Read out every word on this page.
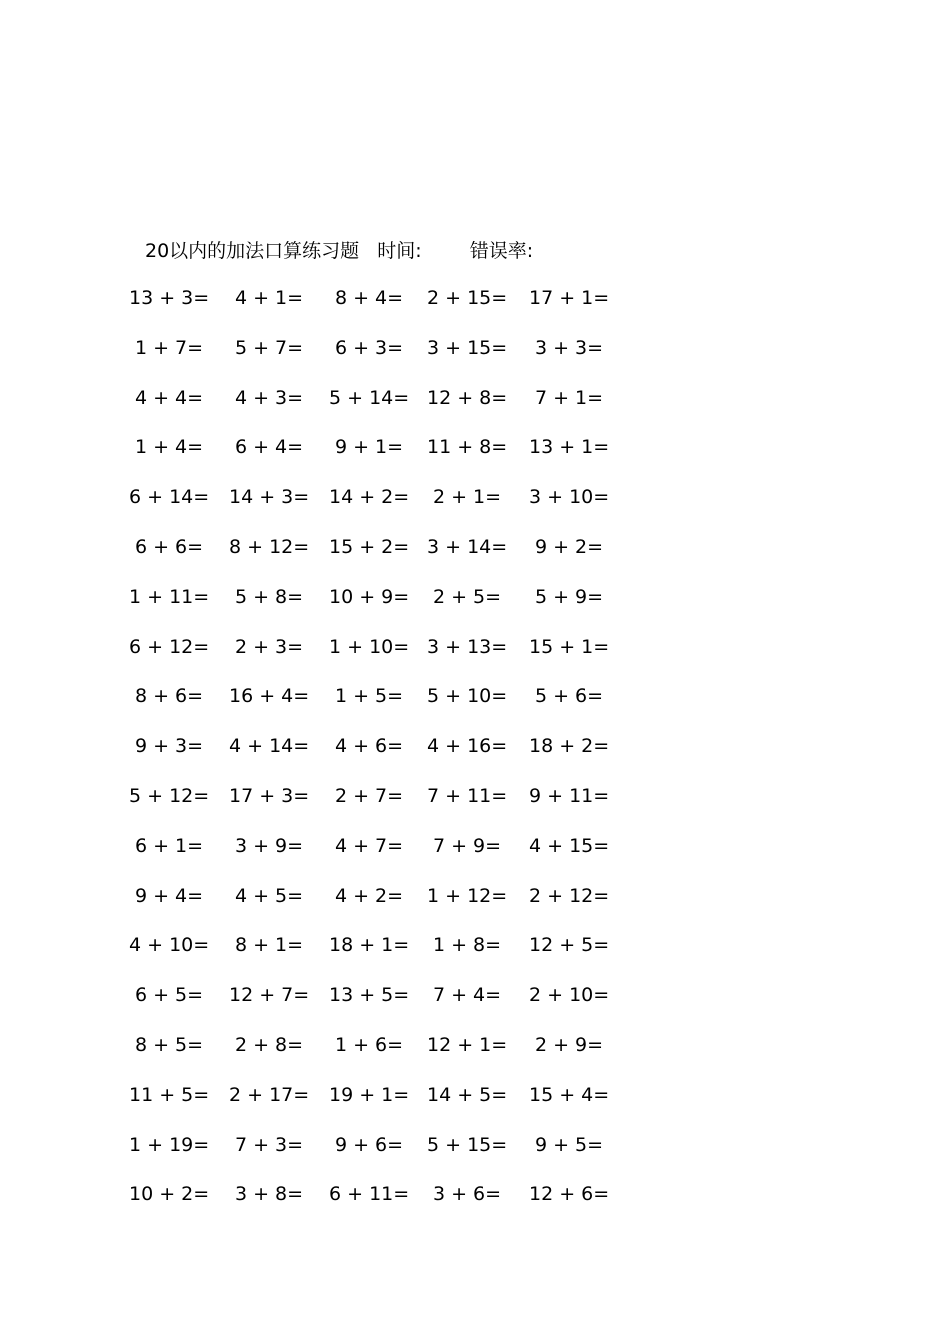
20以内的加法口算练习题 时间:	错误率:
13 + 3=	4 + 1=	8 + 4=	2 + 15= 17 + 1=
1 + 7=	5 + 7=	6 + 3=	3 + 15=	3 + 3=
4 + 4=	4 + 3=	5 + 14= 12 + 8=	7 + 1=
1 + 4=	6 + 4=	9 + 1=	11 + 8= 13 + 1=
6 + 14= 14 + 3= 14 + 2=	2 + 1=	3 + 10=
6 + 6=	8 + 12= 15 + 2= 3 + 14=	9 + 2=
1 + 11=	5 + 8=	10 + 9=	2 + 5=	5 + 9=
6 + 12=	2 + 3=	1 + 10= 3 + 13= 15 + 1=
8 + 6=	16 + 4=	1 + 5=	5 + 10=	5 + 6=
9 + 3=	4 + 14=	4 + 6=	4 + 16= 18 + 2=
5 + 12= 17 + 3=	2 + 7=	7 + 11= 9 + 11=
6 + 1=	3 + 9=	4 + 7=	7 + 9=	4 + 15=
9 + 4=	4 + 5=	4 + 2=	1 + 12= 2 + 12=
4 + 10=	8 + 1=	18 + 1=	1 + 8=	12 + 5=
6 + 5=	12 + 7= 13 + 5=	7 + 4=	2 + 10=
8 + 5=	2 + 8=	1 + 6=	12 + 1=	2 + 9=
11 + 5= 2 + 17= 19 + 1= 14 + 5= 15 + 4=
1 + 19=	7 + 3=	9 + 6=	5 + 15=	9 + 5=
10 + 2=	3 + 8=	6 + 11=	3 + 6=	12 + 6=
